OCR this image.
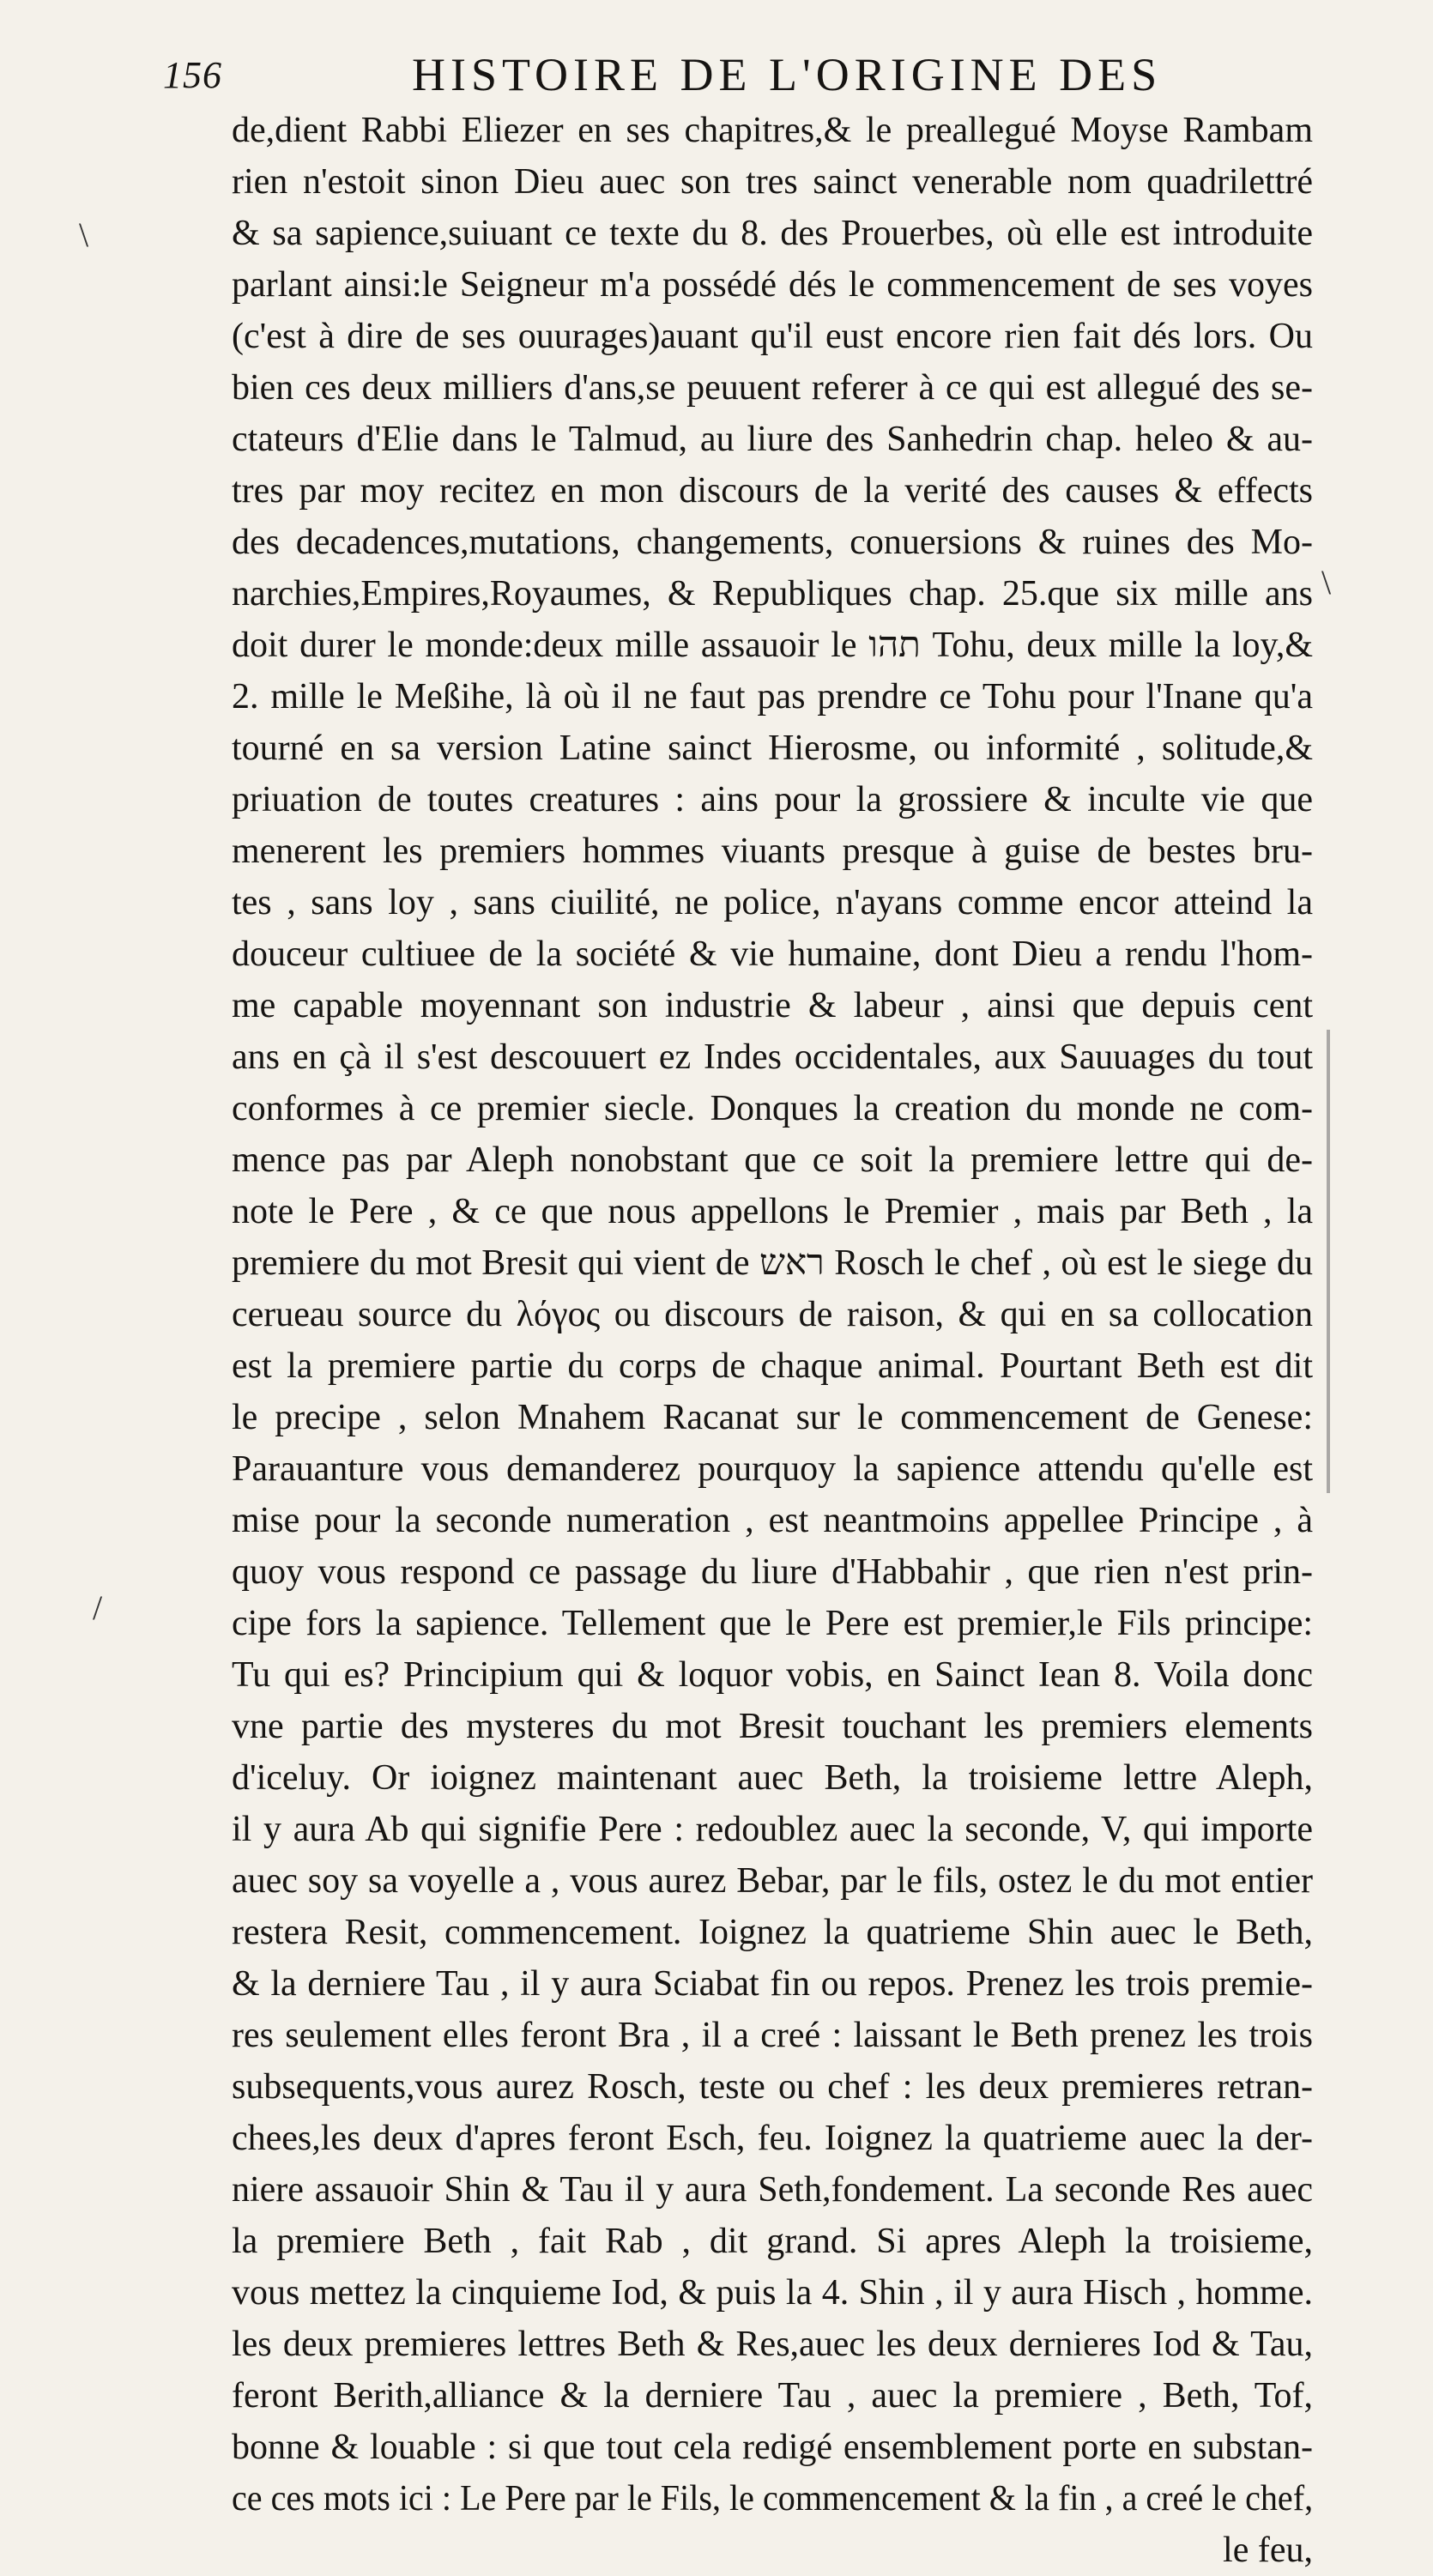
156	HISTOIRE DE L'ORIGINE DES
\
\
/
de,dient Rabbi Eliezer en ses chapitres,& le preallegué Moyse Rambam
rien n'estoit sinon Dieu auec son tres sainct venerable nom quadrilettré
& sa sapience,suiuant ce texte du 8. des Prouerbes, où elle est introduite
parlant ainsi:le Seigneur m'a possédé dés le commencement de ses voyes
(c'est à dire de ses ouurages)auant qu'il eust encore rien fait dés lors. Ou
bien ces deux milliers d'ans,se peuuent referer à ce qui est allegué des se-
ctateurs d'Elie dans le Talmud, au liure des Sanhedrin chap. heleo & au-
tres par moy recitez en mon discours de la verité des causes & effects
des decadences,mutations, changements, conuersions & ruines des Mo-
narchies,Empires,Royaumes, & Republiques chap. 25.que six mille ans
doit durer le monde:deux mille assauoir le תהו Tohu, deux mille la loy,&
2. mille le Meßihe, là où il ne faut pas prendre ce Tohu pour l'Inane qu'a
tourné en sa version Latine sainct Hierosme, ou informité , solitude,&
priuation de toutes creatures : ains pour la grossiere & inculte vie que
menerent les premiers hommes viuants presque à guise de bestes bru-
tes , sans loy , sans ciuilité, ne police, n'ayans comme encor atteind la
douceur cultiuee de la société & vie humaine, dont Dieu a rendu l'hom-
me capable moyennant son industrie & labeur , ainsi que depuis cent
ans en çà il s'est descouuert ez Indes occidentales, aux Sauuages du tout
conformes à ce premier siecle. Donques la creation du monde ne com-
mence pas par Aleph nonobstant que ce soit la premiere lettre qui de-
note le Pere , & ce que nous appellons le Premier , mais par Beth , la
premiere du mot Bresit qui vient de ראש Rosch le chef , où est le siege du
cerueau source du λόγος ou discours de raison, & qui en sa collocation
est la premiere partie du corps de chaque animal. Pourtant Beth est dit
le precipe , selon Mnahem Racanat sur le commencement de Genese:
Parauanture vous demanderez pourquoy la sapience attendu qu'elle est
mise pour la seconde numeration , est neantmoins appellee Principe , à
quoy vous respond ce passage du liure d'Habbahir , que rien n'est prin-
cipe fors la sapience. Tellement que le Pere est premier,le Fils principe:
Tu qui es? Principium qui & loquor vobis, en Sainct Iean 8. Voila donc
vne partie des mysteres du mot Bresit touchant les premiers elements
d'iceluy. Or ioignez maintenant auec Beth, la troisieme lettre Aleph,
il y aura Ab qui signifie Pere : redoublez auec la seconde, V, qui importe
auec soy sa voyelle a , vous aurez Bebar, par le fils, ostez le du mot entier
restera Resit, commencement. Ioignez la quatrieme Shin auec le Beth,
& la derniere Tau , il y aura Sciabat fin ou repos. Prenez les trois premie-
res seulement elles feront Bra , il a creé : laissant le Beth prenez les trois
subsequents,vous aurez Rosch, teste ou chef : les deux premieres retran-
chees,les deux d'apres feront Esch, feu. Ioignez la quatrieme auec la der-
niere assauoir Shin & Tau il y aura Seth,fondement. La seconde Res auec
la premiere Beth , fait Rab , dit grand. Si apres Aleph la troisieme,
vous mettez la cinquieme Iod, & puis la 4. Shin , il y aura Hisch , homme.
les deux premieres lettres Beth & Res,auec les deux dernieres Iod & Tau,
feront Berith,alliance & la derniere Tau , auec la premiere , Beth, Tof,
bonne & louable : si que tout cela redigé ensemblement porte en substan-
ce ces mots ici : Le Pere par le Fils, le commencement & la fin , a creé le chef,
le feu,
